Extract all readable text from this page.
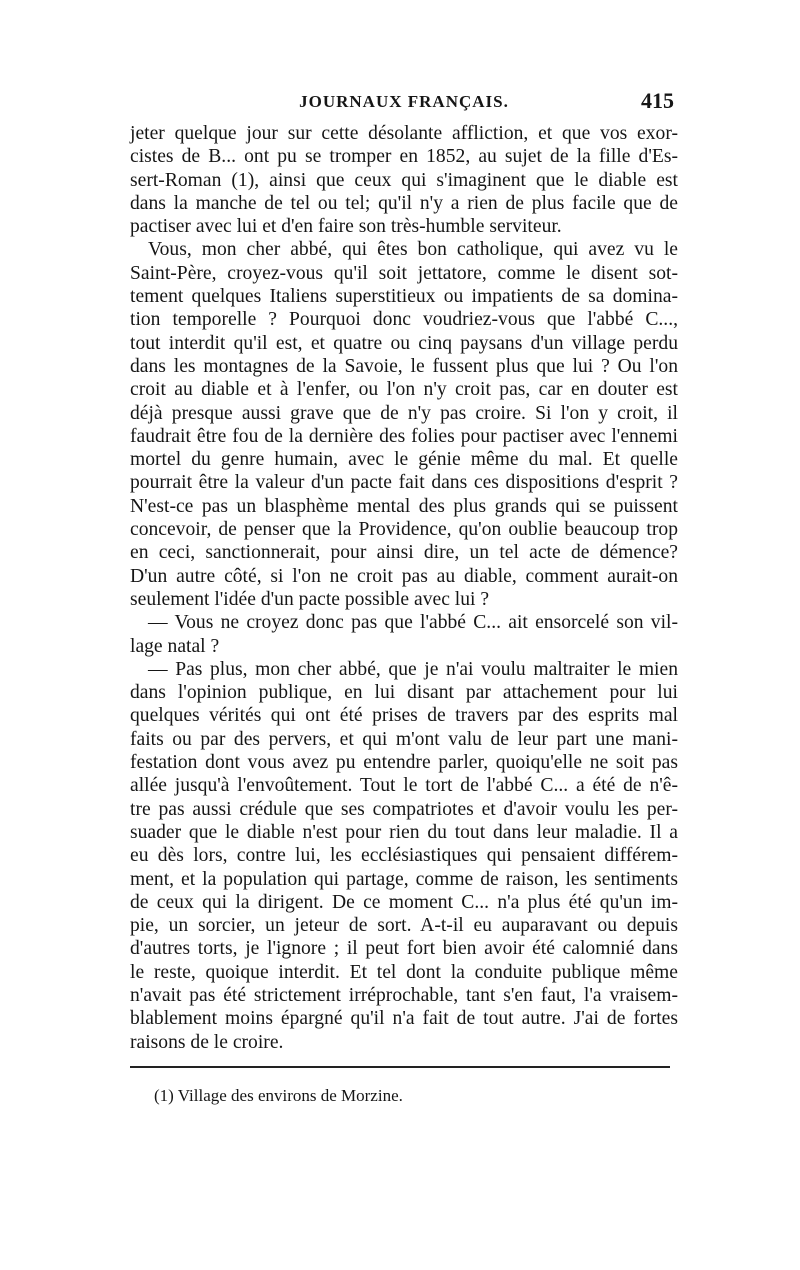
JOURNAUX FRANÇAIS.	415
jeter quelque jour sur cette désolante affliction, et que vos exor-
cistes de B... ont pu se tromper en 1852, au sujet de la fille d'Es-
sert-Roman (1), ainsi que ceux qui s'imaginent que le diable est
dans la manche de tel ou tel; qu'il n'y a rien de plus facile que de
pactiser avec lui et d'en faire son très-humble serviteur.
Vous, mon cher abbé, qui êtes bon catholique, qui avez vu le
Saint-Père, croyez-vous qu'il soit jettatore, comme le disent sot-
tement quelques Italiens superstitieux ou impatients de sa domina-
tion temporelle ? Pourquoi donc voudriez-vous que l'abbé C...,
tout interdit qu'il est, et quatre ou cinq paysans d'un village perdu
dans les montagnes de la Savoie, le fussent plus que lui ? Ou l'on
croit au diable et à l'enfer, ou l'on n'y croit pas, car en douter est
déjà presque aussi grave que de n'y pas croire. Si l'on y croit, il
faudrait être fou de la dernière des folies pour pactiser avec l'ennemi
mortel du genre humain, avec le génie même du mal. Et quelle
pourrait être la valeur d'un pacte fait dans ces dispositions d'esprit ?
N'est-ce pas un blasphème mental des plus grands qui se puissent
concevoir, de penser que la Providence, qu'on oublie beaucoup trop
en ceci, sanctionnerait, pour ainsi dire, un tel acte de démence?
D'un autre côté, si l'on ne croit pas au diable, comment aurait-on
seulement l'idée d'un pacte possible avec lui ?
— Vous ne croyez donc pas que l'abbé C... ait ensorcelé son vil-
lage natal ?
— Pas plus, mon cher abbé, que je n'ai voulu maltraiter le mien
dans l'opinion publique, en lui disant par attachement pour lui
quelques vérités qui ont été prises de travers par des esprits mal
faits ou par des pervers, et qui m'ont valu de leur part une mani-
festation dont vous avez pu entendre parler, quoiqu'elle ne soit pas
allée jusqu'à l'envoûtement. Tout le tort de l'abbé C... a été de n'ê-
tre pas aussi crédule que ses compatriotes et d'avoir voulu les per-
suader que le diable n'est pour rien du tout dans leur maladie. Il a
eu dès lors, contre lui, les ecclésiastiques qui pensaient différem-
ment, et la population qui partage, comme de raison, les sentiments
de ceux qui la dirigent. De ce moment C... n'a plus été qu'un im-
pie, un sorcier, un jeteur de sort. A-t-il eu auparavant ou depuis
d'autres torts, je l'ignore ; il peut fort bien avoir été calomnié dans
le reste, quoique interdit. Et tel dont la conduite publique même
n'avait pas été strictement irréprochable, tant s'en faut, l'a vraisem-
blablement moins épargné qu'il n'a fait de tout autre. J'ai de fortes
raisons de le croire.
(1) Village des environs de Morzine.
